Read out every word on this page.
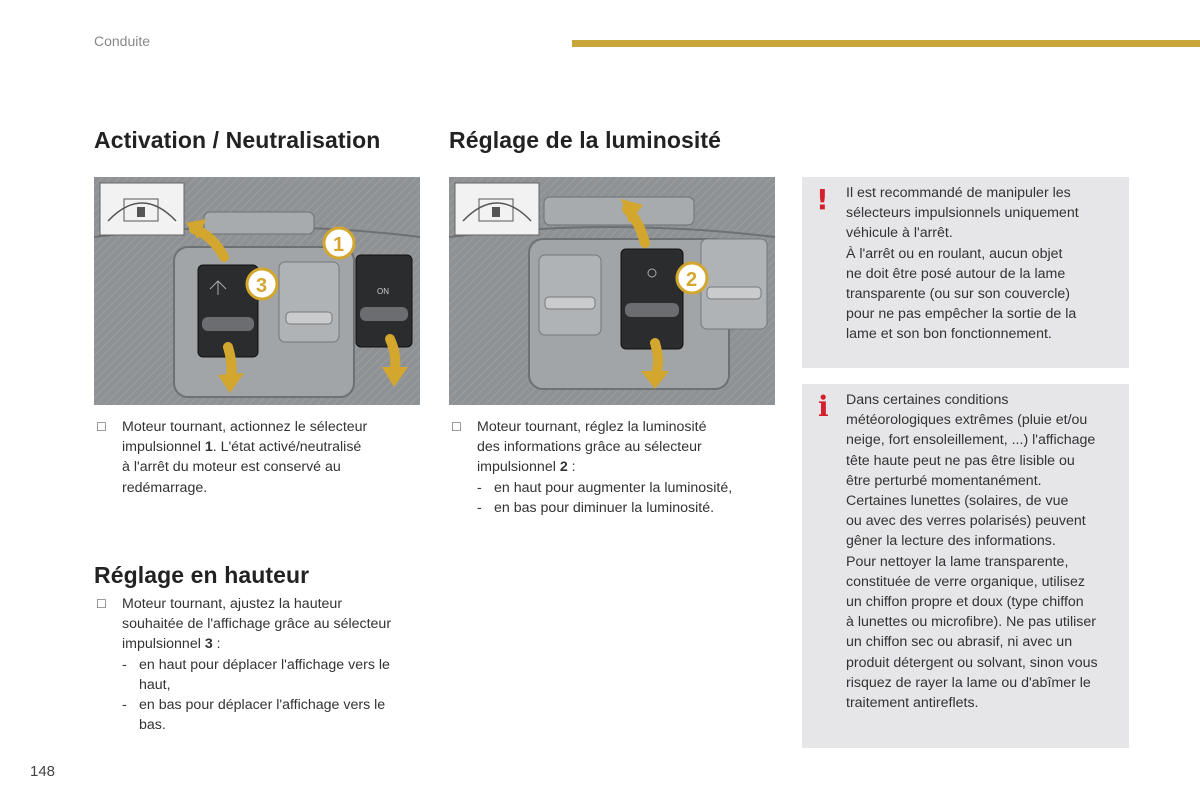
Conduite
Activation / Neutralisation	Réglage de la luminosité
Réglage en hauteur
ON
1
3	2
☐ Moteur tournant, actionnez le sélecteur
impulsionnel 1. L'état activé/neutralisé
à l'arrêt du moteur est conservé au
redémarrage.
☐ Moteur tournant, réglez la luminosité
des informations grâce au sélecteur
impulsionnel 2 :
- en haut pour augmenter la luminosité,
- en bas pour diminuer la luminosité.
☐ Moteur tournant, ajustez la hauteur
souhaitée de l'affichage grâce au sélecteur
impulsionnel 3 :
- en haut pour déplacer l'affichage vers le
haut,
- en bas pour déplacer l'affichage vers le
bas.
! Il est recommandé de manipuler les

sélecteurs impulsionnels uniquement

véhicule à l'arrêt.

À l'arrêt ou en roulant, aucun objet

ne doit être posé autour de la lame

transparente (ou sur son couvercle)

pour ne pas empêcher la sortie de la

lame et son bon fonctionnement.

i Dans certaines conditions

météorologiques extrêmes (pluie et/ou

neige, fort ensoleillement, ...) l'affichage

tête haute peut ne pas être lisible ou

être perturbé momentanément.

Certaines lunettes (solaires, de vue

ou avec des verres polarisés) peuvent

gêner la lecture des informations.

Pour nettoyer la lame transparente,

constituée de verre organique, utilisez

un chiffon propre et doux (type chiffon

à lunettes ou microfibre). Ne pas utiliser

un chiffon sec ou abrasif, ni avec un

produit détergent ou solvant, sinon vous

risquez de rayer la lame ou d'abîmer le

traitement antireflets.

148
